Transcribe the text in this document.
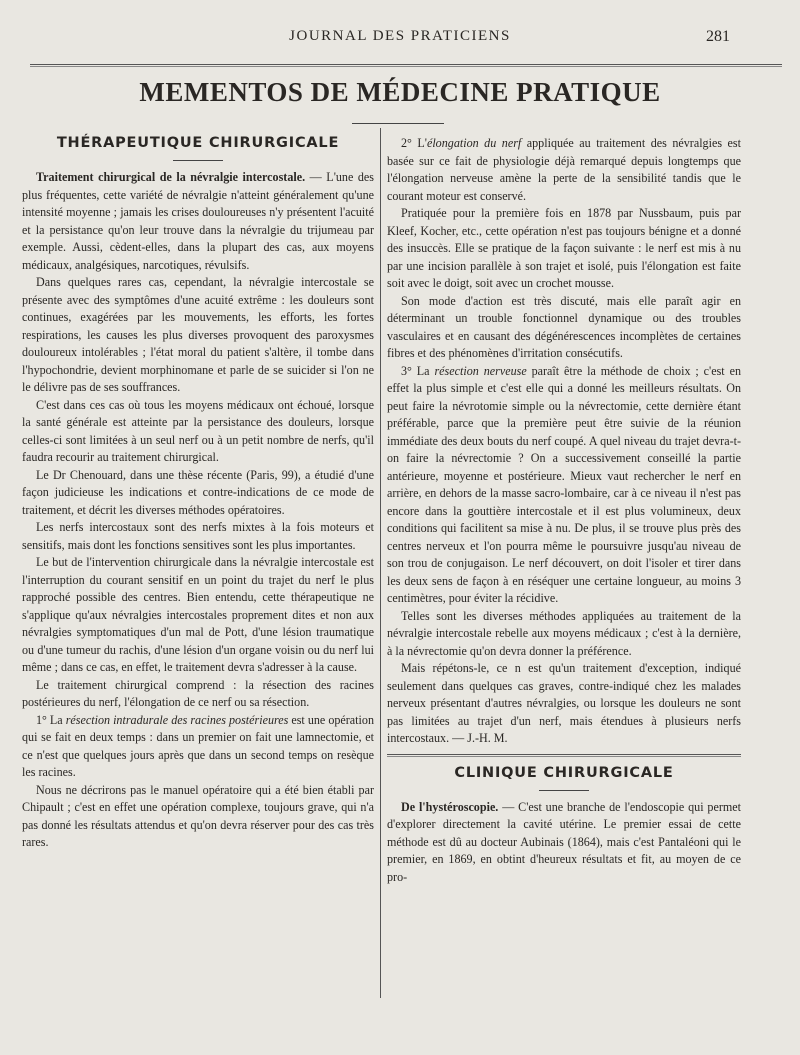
JOURNAL DES PRATICIENS	281
MEMENTOS DE MÉDECINE PRATIQUE
THÉRAPEUTIQUE CHIRURGICALE

Traitement chirurgical de la névralgie intercostale. — L'une des plus fréquentes, cette variété de névralgie n'atteint généralement qu'une intensité moyenne ; jamais les crises douloureuses n'y présentent l'acuité et la persistance qu'on leur trouve dans la névralgie du trijumeau par exemple. Aussi, cèdent-elles, dans la plupart des cas, aux moyens médicaux, analgésiques, narcotiques, révulsifs.

Dans quelques rares cas, cependant, la névralgie intercostale se présente avec des symptômes d'une acuité extrême : les douleurs sont continues, exagérées par les mouvements, les efforts, les fortes respirations, les causes les plus diverses provoquent des paroxysmes douloureux intolérables ; l'état moral du patient s'altère, il tombe dans l'hypochondrie, devient morphinomane et parle de se suicider si l'on ne le délivre pas de ses souffrances.

C'est dans ces cas où tous les moyens médicaux ont échoué, lorsque la santé générale est atteinte par la persistance des douleurs, lorsque celles-ci sont limitées à un seul nerf ou à un petit nombre de nerfs, qu'il faudra recourir au traitement chirurgical.

Le Dr Chenouard, dans une thèse récente (Paris, 99), a étudié d'une façon judicieuse les indications et contre-indications de ce mode de traitement, et décrit les diverses méthodes opératoires.

Les nerfs intercostaux sont des nerfs mixtes à la fois moteurs et sensitifs, mais dont les fonctions sensitives sont les plus importantes.

Le but de l'intervention chirurgicale dans la névralgie intercostale est l'interruption du courant sensitif en un point du trajet du nerf le plus rapproché possible des centres. Bien entendu, cette thérapeutique ne s'applique qu'aux névralgies intercostales proprement dites et non aux névralgies symptomatiques d'un mal de Pott, d'une lésion traumatique ou d'une tumeur du rachis, d'une lésion d'un organe voisin ou du nerf lui même ; dans ce cas, en effet, le traitement devra s'adresser à la cause.

Le traitement chirurgical comprend : la résection des racines postérieures du nerf, l'élongation de ce nerf ou sa résection.

1° La résection intradurale des racines postérieures est une opération qui se fait en deux temps : dans un premier on fait une lamnectomie, et ce n'est que quelques jours après que dans un second temps on resèque les racines.

Nous ne décrirons pas le manuel opératoire qui a été bien établi par Chipault ; c'est en effet une opération complexe, toujours grave, qui n'a pas donné les résultats attendus et qu'on devra réserver pour des cas très rares.

2° L'élongation du nerf appliquée au traitement des névralgies est basée sur ce fait de physiologie déjà remarqué depuis longtemps que l'élongation nerveuse amène la perte de la sensibilité tandis que le courant moteur est conservé.

Pratiquée pour la première fois en 1878 par Nussbaum, puis par Kleef, Kocher, etc., cette opération n'est pas toujours bénigne et a donné des insuccès. Elle se pratique de la façon suivante : le nerf est mis à nu par une incision parallèle à son trajet et isolé, puis l'élongation est faite soit avec le doigt, soit avec un crochet mousse.

Son mode d'action est très discuté, mais elle paraît agir en déterminant un trouble fonctionnel dynamique ou des troubles vasculaires et en causant des dégénérescences incomplètes de certaines fibres et des phénomènes d'irritation consécutifs.

3° La résection nerveuse paraît être la méthode de choix ; c'est en effet la plus simple et c'est elle qui a donné les meilleurs résultats. On peut faire la névrotomie simple ou la névrectomie, cette dernière étant préférable, parce que la première peut être suivie de la réunion immédiate des deux bouts du nerf coupé. A quel niveau du trajet devra-t-on faire la névrectomie ? On a successivement conseillé la partie antérieure, moyenne et postérieure. Mieux vaut rechercher le nerf en arrière, en dehors de la masse sacro-lombaire, car à ce niveau il n'est pas encore dans la gouttière intercostale et il est plus volumineux, deux conditions qui facilitent sa mise à nu. De plus, il se trouve plus près des centres nerveux et l'on pourra même le poursuivre jusqu'au niveau de son trou de conjugaison. Le nerf découvert, on doit l'isoler et tirer dans les deux sens de façon à en réséquer une certaine longueur, au moins 3 centimètres, pour éviter la récidive.

Telles sont les diverses méthodes appliquées au traitement de la névralgie intercostale rebelle aux moyens médicaux ; c'est à la dernière, à la névrectomie qu'on devra donner la préférence.

Mais répétons-le, ce n est qu'un traitement d'exception, indiqué seulement dans quelques cas graves, contre-indiqué chez les malades nerveux présentant d'autres névralgies, ou lorsque les douleurs ne sont pas limitées au trajet d'un nerf, mais étendues à plusieurs nerfs intercostaux. — J.-H. M.

CLINIQUE CHIRURGICALE

De l'hystéroscopie. — C'est une branche de l'endoscopie qui permet d'explorer directement la cavité utérine. Le premier essai de cette méthode est dû au docteur Aubinais (1864), mais c'est Pantaléoni qui le premier, en 1869, en obtint d'heureux résultats et fit, au moyen de ce pro-
